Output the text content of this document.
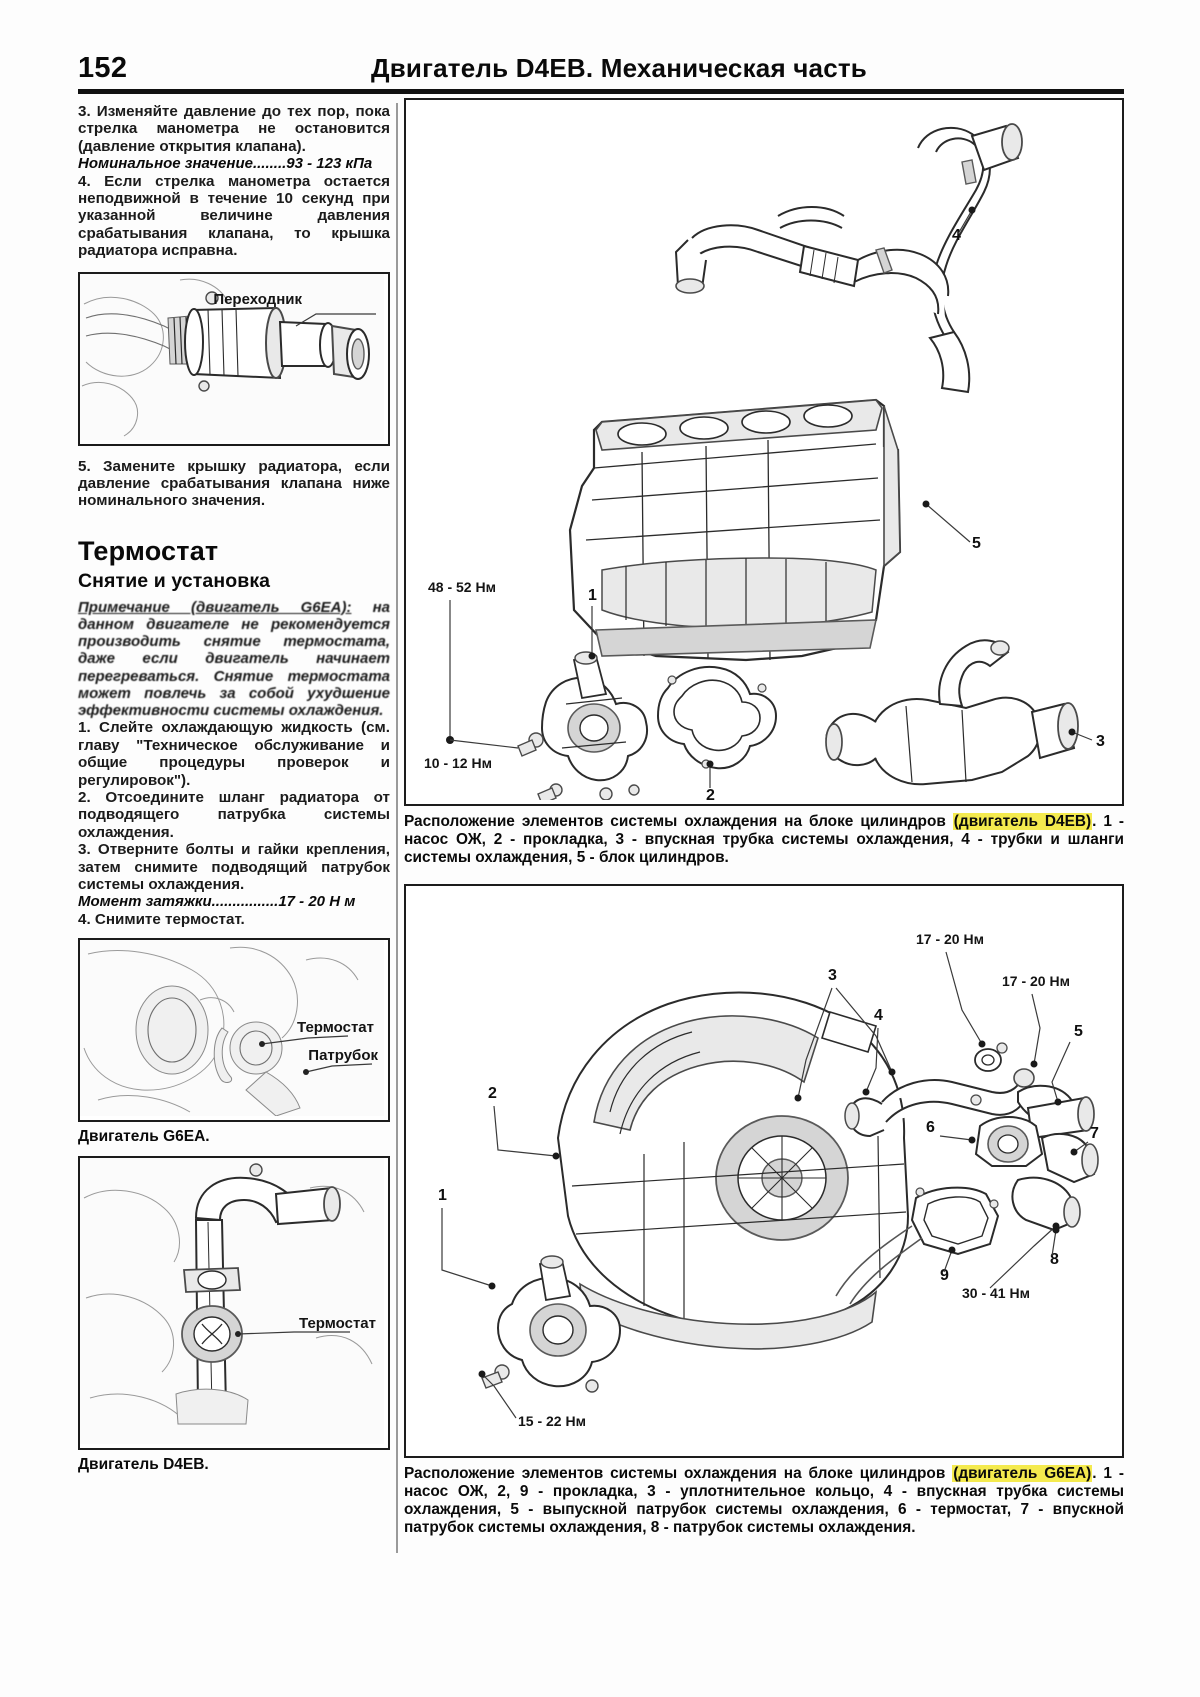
152	Двигатель D4EB. Механическая часть
3. Изменяйте давление до тех пор, пока стрелка манометра не остановится (давление открытия клапана).
Номинальное значение........93 - 123 кПа
4. Если стрелка манометра остается неподвижной в течение 10 секунд при указанной величине давления срабатывания клапана, то крышка радиатора исправна.
Переходник
5. Замените крышку радиатора, если давление срабатывания клапана ниже номинального значения.
Термостат
Снятие и установка
Примечание (двигатель G6EA): на данном двигателе не рекомендуется производить снятие термостата, даже если двигатель начинает перегреваться. Снятие термостата может повлечь за собой ухудшение эффективности системы охлаждения.
1. Слейте охлаждающую жидкость (см. главу "Техническое обслуживание и общие процедуры проверок и регулировок").
2. Отсоедините шланг радиатора от подводящего патрубка системы охлаждения.
3. Отверните болты и гайки крепления, затем снимите подводящий патрубок системы охлаждения.
Момент затяжки................17 - 20 Н м
4. Снимите термостат.
Термостат
Патрубок
Двигатель G6EA.
Термостат
Двигатель D4EB.
48 - 52 Нм	1
2
3
4
5
10 - 12 Нм
Расположение элементов системы охлаждения на блоке цилиндров (двигатель D4EB). 1 - насос ОЖ, 2 - прокладка, 3 - впускная трубка системы охлаждения, 4 - трубки и шланги системы охлаждения, 5 - блок цилиндров.
17 - 20 Нм
17 - 20 Нм
30 - 41 Нм
15 - 22 Нм
1
2
3
4
5
6	7
8
9
Расположение элементов системы охлаждения на блоке цилиндров (двигатель G6EA). 1 - насос ОЖ, 2, 9 - прокладка, 3 - уплотнительное кольцо, 4 - впускная трубка системы охлаждения, 5 - выпускной патрубок системы охлаждения, 6 - термостат, 7 - впускной патрубок системы охлаждения, 8 - патрубок системы охлаждения.
